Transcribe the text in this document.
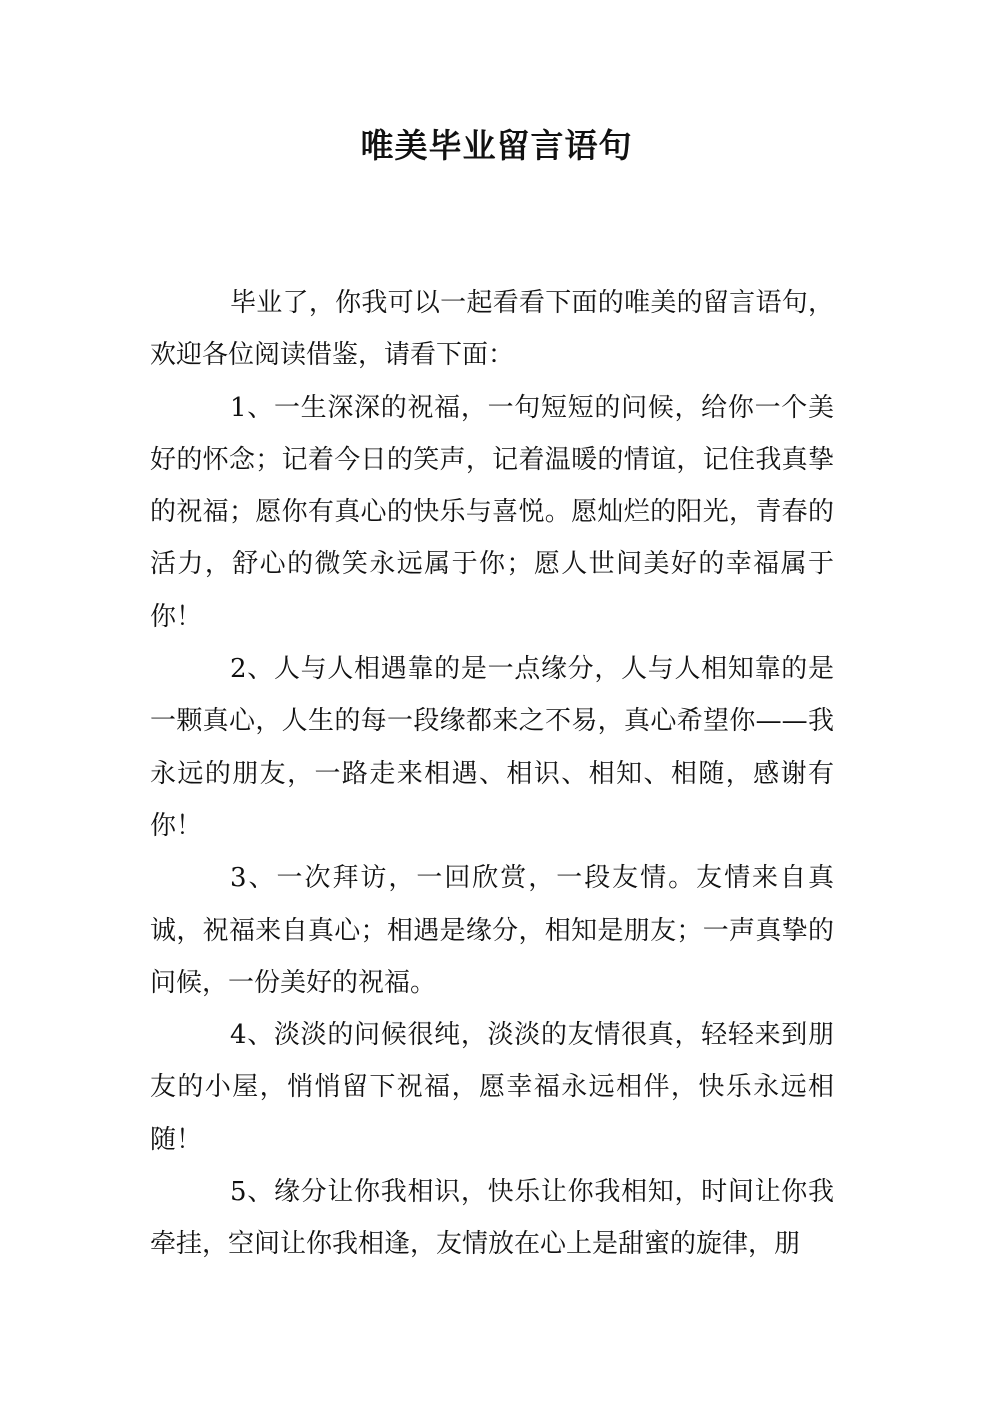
唯美毕业留言语句

毕业了，你我可以一起看看下面的唯美的留言语句，欢迎各位阅读借鉴，请看下面：

1、一生深深的祝福，一句短短的问候，给你一个美好的怀念；记着今日的笑声，记着温暖的情谊，记住我真挚的祝福；愿你有真心的快乐与喜悦。愿灿烂的阳光，青春的活力，舒心的微笑永远属于你；愿人世间美好的幸福属于你！

2、人与人相遇靠的是一点缘分，人与人相知靠的是一颗真心，人生的每一段缘都来之不易，真心希望你——我永远的朋友，一路走来相遇、相识、相知、相随，感谢有你！

3、一次拜访，一回欣赏，一段友情。友情来自真诚，祝福来自真心；相遇是缘分，相知是朋友；一声真挚的问候，一份美好的祝福。

4、淡淡的问候很纯，淡淡的友情很真，轻轻来到朋友的小屋，悄悄留下祝福，愿幸福永远相伴，快乐永远相随！

5、缘分让你我相识，快乐让你我相知，时间让你我牵挂，空间让你我相逢，友情放在心上是甜蜜的旋律，朋
